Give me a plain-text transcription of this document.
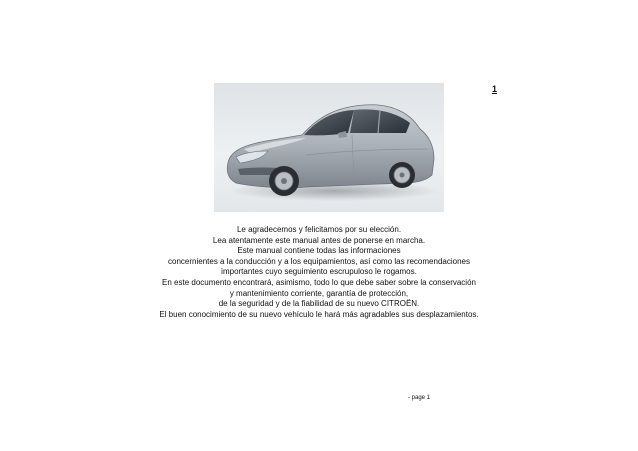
1

Le agradecemos y felicitamos por su elección.

Lea atentamente este manual antes de ponerse en marcha.

Este manual contiene todas las informaciones
concernientes a la conducción y a los equipamientos, así como las recomendaciones
importantes cuyo seguimiento escrupuloso le rogamos.

En este documento encontrará, asimismo, todo lo que debe saber sobre la conservación
y mantenimiento corriente, garantía de protección,
de la seguridad y de la fiabilidad de su nuevo CITROËN.

El buen conocimiento de su nuevo vehículo le hará más agradables sus desplazamientos.

- page 1
